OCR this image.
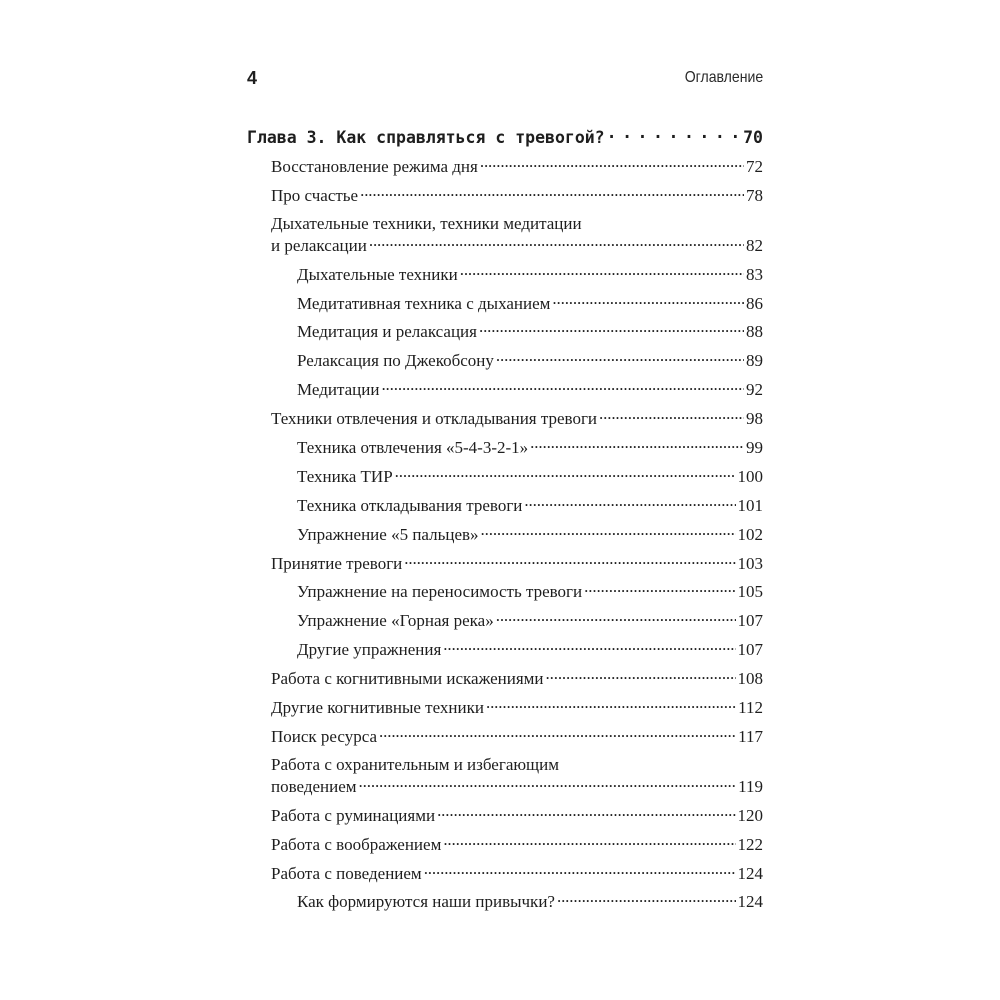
4	Оглавление
Глава 3. Как справляться с тревогой? . . .	70
Восстановление режима дня . . .	72
Про счастье . . .	78
Дыхательные техники, техники медитации
и релаксации . . .	82
Дыхательные техники . . .	83
Медитативная техника с дыханием . . .	86
Медитация и релаксация . . .	88
Релаксация по Джекобсону . . .	89
Медитации . . .	92
Техники отвлечения и откладывания тревоги . . .	98
Техника отвлечения «5-4-3-2-1» . . .	99
Техника ТИР . . .	100
Техника откладывания тревоги . . .	101
Упражнение «5 пальцев» . . .	102
Принятие тревоги . . .	103
Упражнение на переносимость тревоги . . .	105
Упражнение «Горная река» . . .	107
Другие упражнения . . .	107
Работа с когнитивными искажениями . . .	108
Другие когнитивные техники . . .	112
Поиск ресурса . . .	117
Работа с охранительным и избегающим
поведением . . .	119
Работа с руминациями . . .	120
Работа с воображением . . .	122
Работа с поведением . . .	124
Как формируются наши привычки? . . .	124
